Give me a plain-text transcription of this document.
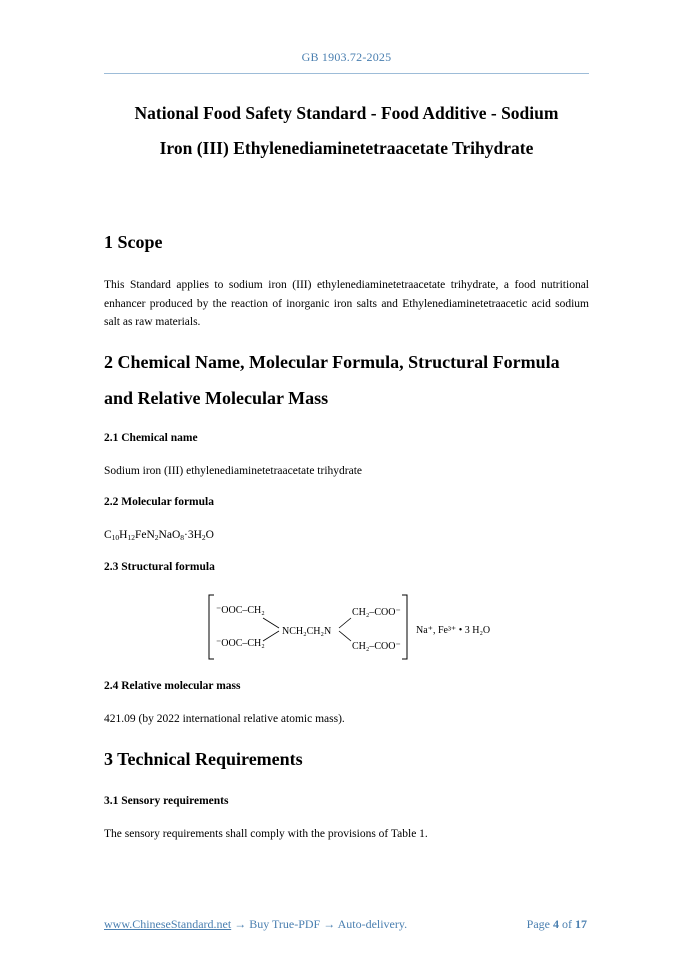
GB 1903.72-2025
National Food Safety Standard - Food Additive - Sodium
Iron (III) Ethylenediaminetetraacetate Trihydrate
1 Scope
This Standard applies to sodium iron (III) ethylenediaminetetraacetate trihydrate, a food nutritional enhancer produced by the reaction of inorganic iron salts and Ethylenediaminetetraacetic acid sodium salt as raw materials.
2 Chemical Name, Molecular Formula, Structural Formula
and Relative Molecular Mass
2.1 Chemical name
Sodium iron (III) ethylenediaminetetraacetate trihydrate
2.2 Molecular formula
$C_{10}H_{12}FeN_2NaO_8\cdot 3H_2O$
2.3 Structural formula
⁻OOC–CH₂
⁻OOC–CH₂
NCH₂CH₂N
CH₂–COO⁻
CH₂–COO⁻
Na⁺, Fe³⁺ • 3 H₂O
2.4 Relative molecular mass
421.09 (by 2022 international relative atomic mass).
3 Technical Requirements
3.1 Sensory requirements
The sensory requirements shall comply with the provisions of Table 1.
www.ChineseStandard.net → Buy True-PDF → Auto-delivery.	Page 4 of 17
